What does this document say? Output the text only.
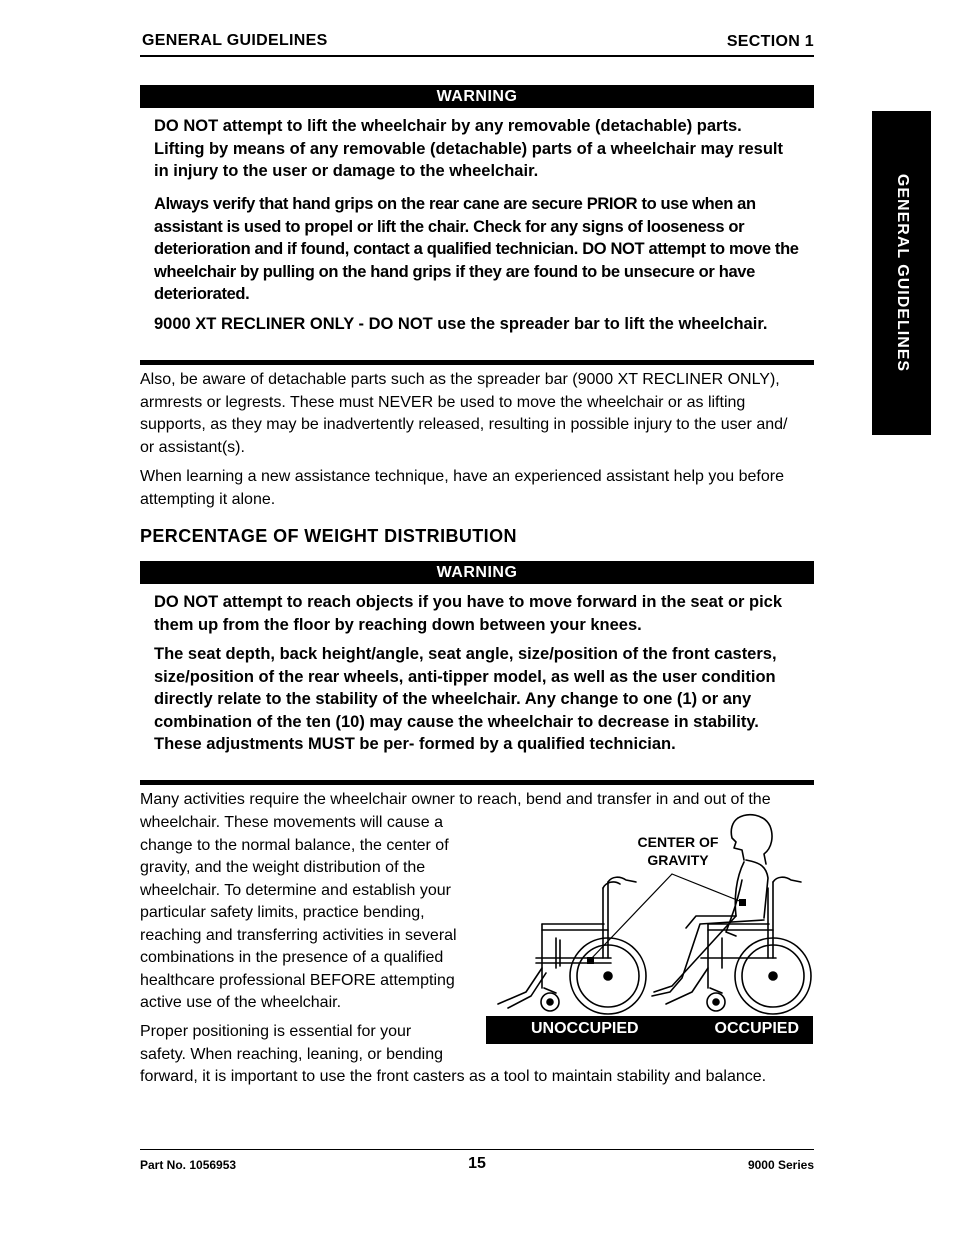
GENERAL GUIDELINES	SECTION 1
GENERAL GUIDELINES
WARNING

DO NOT attempt to lift the wheelchair by any removable (detachable) parts. Lifting by means of any removable (detachable) parts of a wheelchair may result in injury to the user or damage to the wheelchair.

Always verify that hand grips on the rear cane are secure PRIOR to use when an assistant is used to propel or lift the chair. Check for any signs of looseness or deterioration and if found, contact a qualified technician. DO NOT attempt to move the wheelchair by pulling on the hand grips if they are found to be unsecure or have deteriorated.

9000 XT RECLINER ONLY - DO NOT use the spreader bar to lift the wheelchair.

Also, be aware of detachable parts such as the spreader bar (9000 XT RECLINER ONLY), armrests or legrests. These must NEVER be used to move the wheelchair or as lifting supports, as they may be inadvertently released, resulting in possible injury to the user and/ or assistant(s).

When learning a new assistance technique, have an experienced assistant help you before attempting it alone.

PERCENTAGE OF WEIGHT DISTRIBUTION
WARNING

DO NOT attempt to reach objects if you have to move forward in the seat or pick them up from the floor by reaching down between your knees.

The seat depth, back height/angle, seat angle, size/position of the front casters, size/position of the rear wheels, anti-tipper model, as well as the user condition directly relate to the stability of the wheelchair. Any change to one (1) or any combination of the ten (10) may cause the wheelchair to decrease in stability. These adjustments MUST be per- formed by a qualified technician.

Many activities require the wheelchair owner to reach, bend and transfer in and out of the

wheelchair. These movements will cause a change to the normal balance, the center of gravity, and the weight distribution of the wheelchair. To determine and establish your particular safety limits, practice bending, reaching and transferring activities in several combinations in the presence of a qualified healthcare professional BEFORE attempting active use of the wheelchair.

Proper positioning is essential for your safety. When reaching, leaning, or bending

forward, it is important to use the front casters as a tool to maintain stability and balance.

CENTER OF
GRAVITY
UNOCCUPIED	OCCUPIED
Part No. 1056953	15	9000 Series
